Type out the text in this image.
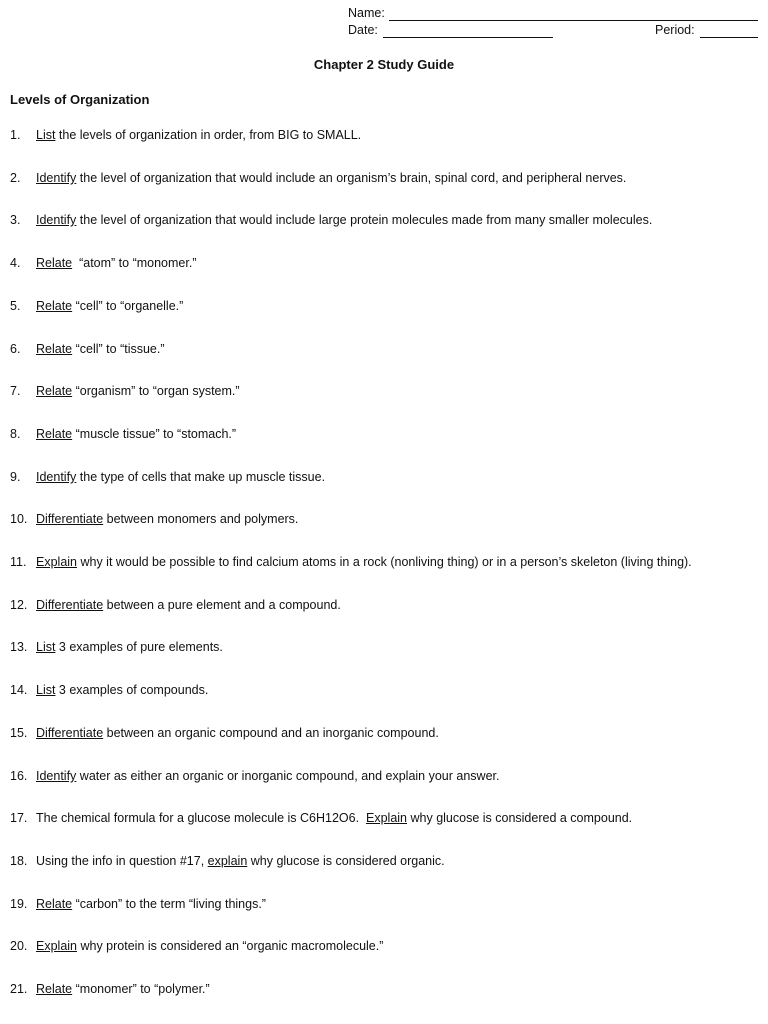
Name:
Date:	Period:
Chapter 2 Study Guide
Levels of Organization
1. List the levels of organization in order, from BIG to SMALL.
2. Identify the level of organization that would include an organism’s brain, spinal cord, and peripheral nerves.
3. Identify the level of organization that would include large protein molecules made from many smaller molecules.
4. Relate  “atom” to “monomer.”
5. Relate “cell” to “organelle.”
6. Relate “cell” to “tissue.”
7. Relate “organism” to “organ system.”
8. Relate “muscle tissue” to “stomach.”
9. Identify the type of cells that make up muscle tissue.
10. Differentiate between monomers and polymers.
11. Explain why it would be possible to find calcium atoms in a rock (nonliving thing) or in a person’s skeleton (living thing).
12. Differentiate between a pure element and a compound.
13. List 3 examples of pure elements.
14. List 3 examples of compounds.
15. Differentiate between an organic compound and an inorganic compound.
16. Identify water as either an organic or inorganic compound, and explain your answer.
17. The chemical formula for a glucose molecule is C6H12O6.  Explain why glucose is considered a compound.
18. Using the info in question #17, explain why glucose is considered organic.
19. Relate “carbon” to the term “living things.”
20. Explain why protein is considered an “organic macromolecule.”
21. Relate “monomer” to “polymer.”
